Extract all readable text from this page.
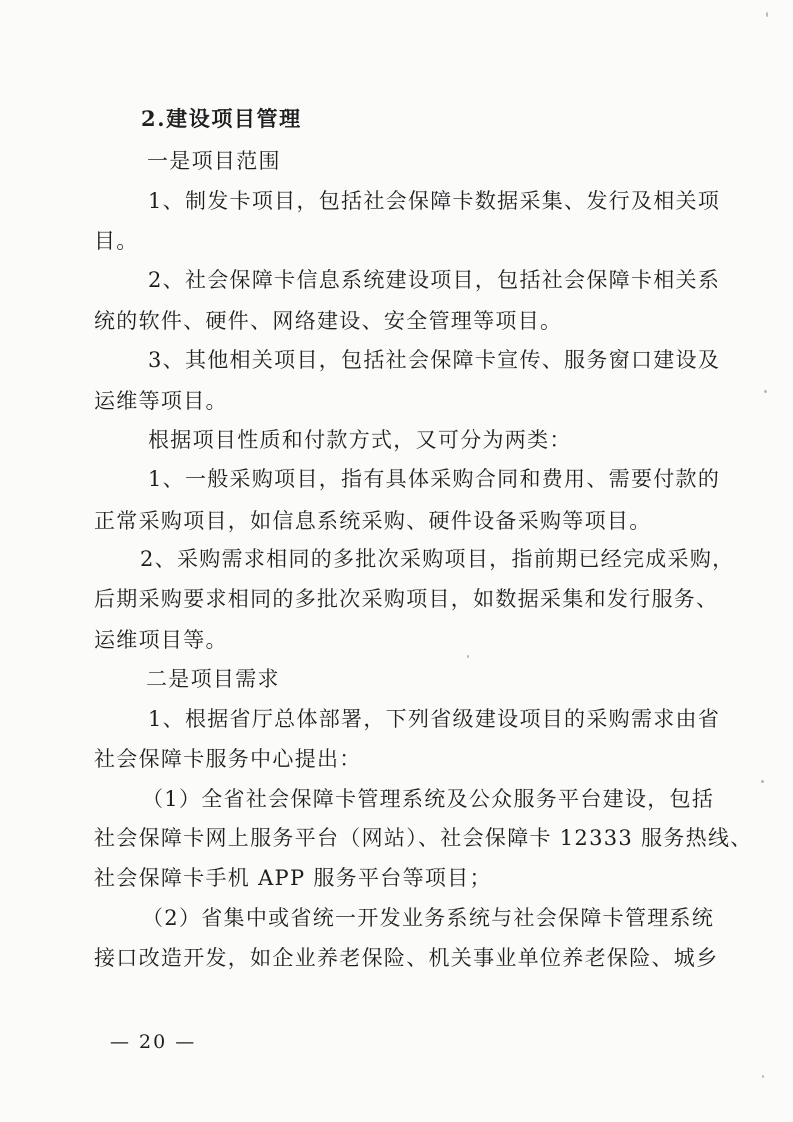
2.建设项目管理
一是项目范围
1、制发卡项目，包括社会保障卡数据采集、发行及相关项
目。
2、社会保障卡信息系统建设项目，包括社会保障卡相关系
统的软件、硬件、网络建设、安全管理等项目。
3、其他相关项目，包括社会保障卡宣传、服务窗口建设及
运维等项目。
根据项目性质和付款方式，又可分为两类：
1、一般采购项目，指有具体采购合同和费用、需要付款的
正常采购项目，如信息系统采购、硬件设备采购等项目。
2、采购需求相同的多批次采购项目，指前期已经完成采购，
后期采购要求相同的多批次采购项目，如数据采集和发行服务、
运维项目等。
二是项目需求
1、根据省厅总体部署，下列省级建设项目的采购需求由省
社会保障卡服务中心提出：
（1）全省社会保障卡管理系统及公众服务平台建设，包括
社会保障卡网上服务平台（网站）、社会保障卡 12333 服务热线、
社会保障卡手机 APP 服务平台等项目；
（2）省集中或省统一开发业务系统与社会保障卡管理系统
接口改造开发，如企业养老保险、机关事业单位养老保险、城乡
— 20 —
